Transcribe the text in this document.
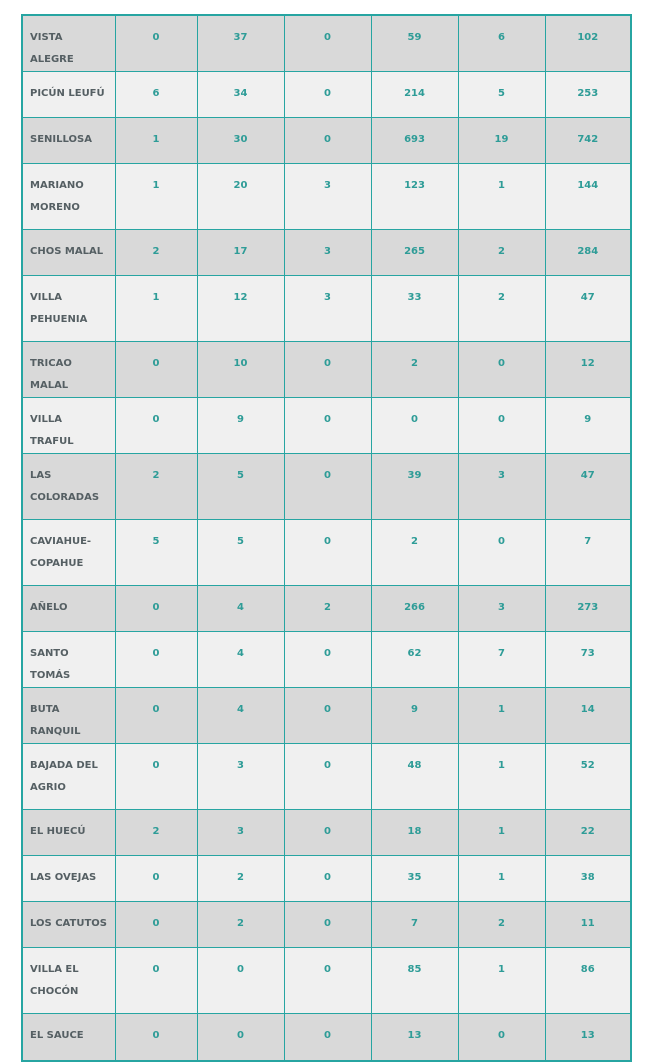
VISTA ALEGRE	0	37	0	59	6	102

PICÚN LEUFÚ	6	34	0	214	5	253

SENILLOSA	1	30	0	693	19	742

MARIANO MORENO	1	20	3	123	1	144

CHOS MALAL	2	17	3	265	2	284

VILLA PEHUENIA	1	12	3	33	2	47

TRICAO MALAL	0	10	0	2	0	12

VILLA TRAFUL	0	9	0	0	0	9

LAS COLORADAS	2	5	0	39	3	47

CAVIAHUE-COPAHUE	5	5	0	2	0	7

AÑELO	0	4	2	266	3	273

SANTO TOMÁS	0	4	0	62	7	73

BUTA RANQUIL	0	4	0	9	1	14

BAJADA DEL AGRIO	0	3	0	48	1	52

EL HUECÚ	2	3	0	18	1	22

LAS OVEJAS	0	2	0	35	1	38

LOS CATUTOS	0	2	0	7	2	11

VILLA EL CHOCÓN	0	0	0	85	1	86

EL SAUCE	0	0	0	13	0	13
